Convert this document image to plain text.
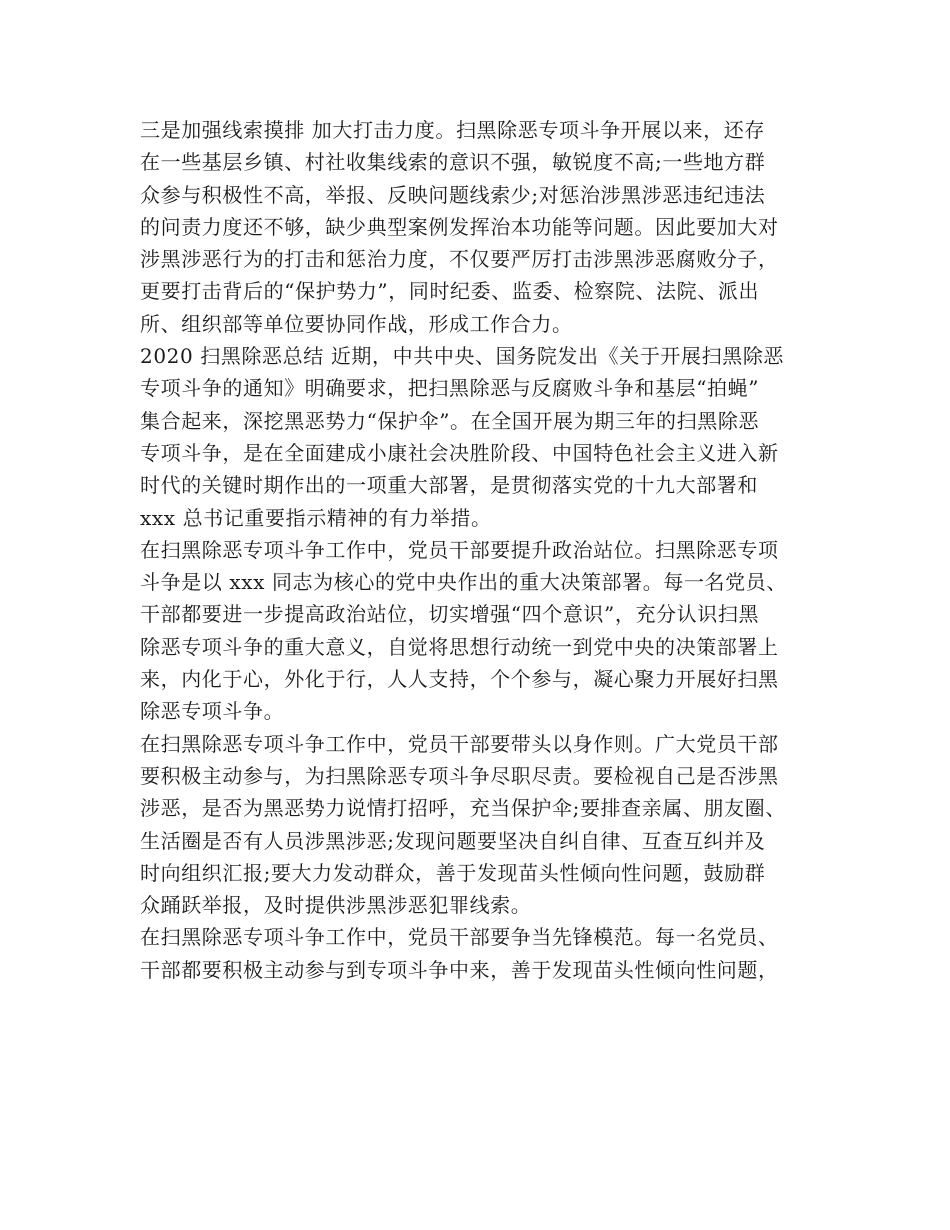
三是加强线索摸排 加大打击力度。扫黑除恶专项斗争开展以来，还存
在一些基层乡镇、村社收集线索的意识不强，敏锐度不高;一些地方群
众参与积极性不高，举报、反映问题线索少;对惩治涉黑涉恶违纪违法
的问责力度还不够，缺少典型案例发挥治本功能等问题。因此要加大对
涉黑涉恶行为的打击和惩治力度，不仅要严厉打击涉黑涉恶腐败分子，
更要打击背后的“保护势力”，同时纪委、监委、检察院、法院、派出
所、组织部等单位要协同作战，形成工作合力。

2020 扫黑除恶总结 近期，中共中央、国务院发出《关于开展扫黑除恶
专项斗争的通知》明确要求，把扫黑除恶与反腐败斗争和基层“拍蝇”
集合起来，深挖黑恶势力“保护伞”。在全国开展为期三年的扫黑除恶
专项斗争，是在全面建成小康社会决胜阶段、中国特色社会主义进入新
时代的关键时期作出的一项重大部署，是贯彻落实党的十九大部署和
xxx 总书记重要指示精神的有力举措。

在扫黑除恶专项斗争工作中，党员干部要提升政治站位。扫黑除恶专项
斗争是以 xxx 同志为核心的党中央作出的重大决策部署。每一名党员、
干部都要进一步提高政治站位，切实增强“四个意识”，充分认识扫黑
除恶专项斗争的重大意义，自觉将思想行动统一到党中央的决策部署上
来，内化于心，外化于行，人人支持，个个参与，凝心聚力开展好扫黑
除恶专项斗争。

在扫黑除恶专项斗争工作中，党员干部要带头以身作则。广大党员干部
要积极主动参与，为扫黑除恶专项斗争尽职尽责。要检视自己是否涉黑
涉恶，是否为黑恶势力说情打招呼，充当保护伞;要排查亲属、朋友圈、
生活圈是否有人员涉黑涉恶;发现问题要坚决自纠自律、互查互纠并及
时向组织汇报;要大力发动群众，善于发现苗头性倾向性问题，鼓励群
众踊跃举报，及时提供涉黑涉恶犯罪线索。

在扫黑除恶专项斗争工作中，党员干部要争当先锋模范。每一名党员、
干部都要积极主动参与到专项斗争中来，善于发现苗头性倾向性问题，
